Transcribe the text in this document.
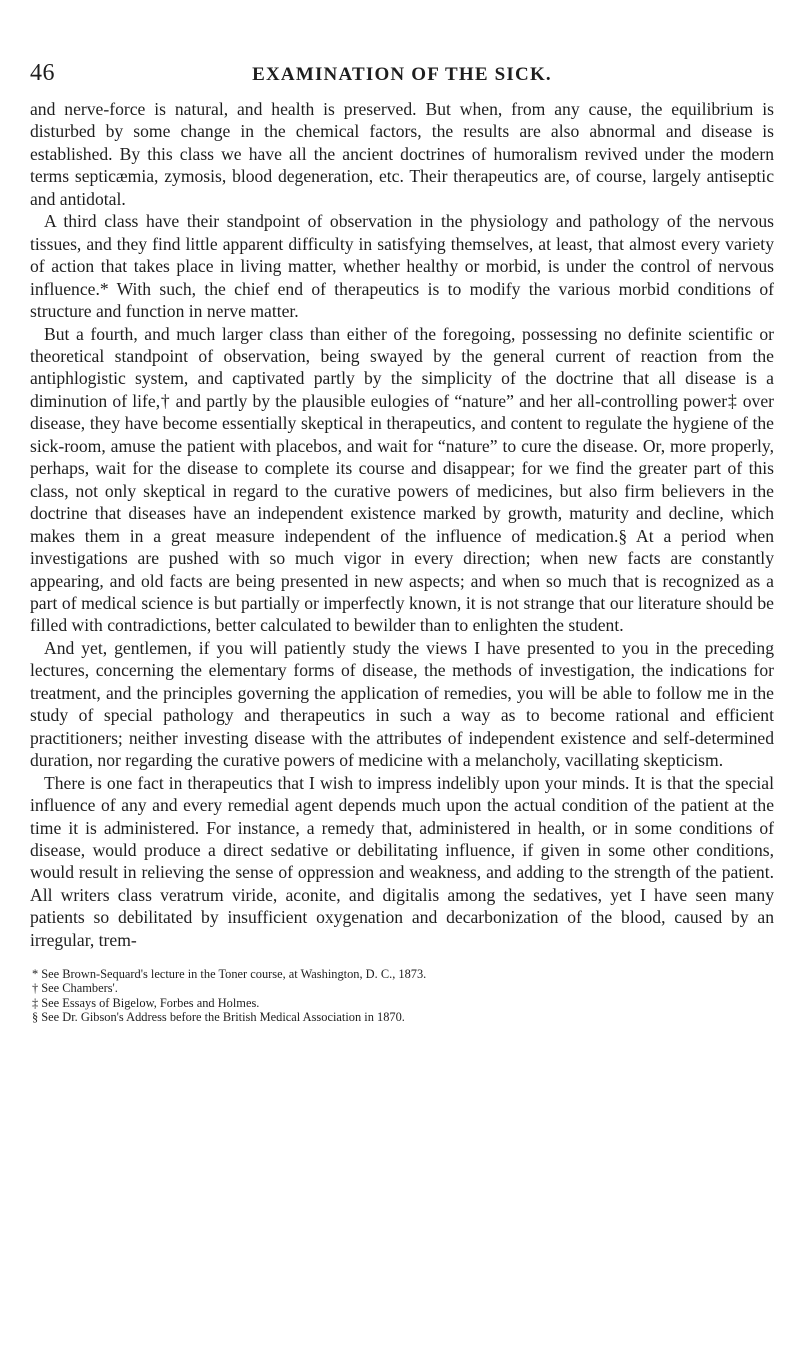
46	EXAMINATION OF THE SICK.

and nerve-force is natural, and health is preserved. But when, from any cause, the equilibrium is disturbed by some change in the chemical factors, the results are also abnormal and disease is established. By this class we have all the ancient doctrines of humoralism revived under the modern terms septicæmia, zymosis, blood degeneration, etc. Their therapeutics are, of course, largely antiseptic and antidotal.

A third class have their standpoint of observation in the physiology and pathology of the nervous tissues, and they find little apparent difficulty in satisfying themselves, at least, that almost every variety of action that takes place in living matter, whether healthy or morbid, is under the control of nervous influence.* With such, the chief end of therapeutics is to modify the various morbid conditions of structure and function in nerve matter.

But a fourth, and much larger class than either of the foregoing, possessing no definite scientific or theoretical standpoint of observation, being swayed by the general current of reaction from the antiphlogistic system, and captivated partly by the simplicity of the doctrine that all disease is a diminution of life,† and partly by the plausible eulogies of “nature” and her all-controlling power‡ over disease, they have become essentially skeptical in therapeutics, and content to regulate the hygiene of the sick-room, amuse the patient with placebos, and wait for “nature” to cure the disease. Or, more properly, perhaps, wait for the disease to complete its course and disappear; for we find the greater part of this class, not only skeptical in regard to the curative powers of medicines, but also firm believers in the doctrine that diseases have an independent existence marked by growth, maturity and decline, which makes them in a great measure independent of the influence of medication.§ At a period when investigations are pushed with so much vigor in every direction; when new facts are constantly appearing, and old facts are being presented in new aspects; and when so much that is recognized as a part of medical science is but partially or imperfectly known, it is not strange that our literature should be filled with contradictions, better calculated to bewilder than to enlighten the student.

And yet, gentlemen, if you will patiently study the views I have presented to you in the preceding lectures, concerning the elementary forms of disease, the methods of investigation, the indications for treatment, and the principles governing the application of remedies, you will be able to follow me in the study of special pathology and therapeutics in such a way as to become rational and efficient practitioners; neither investing disease with the attributes of independent existence and self-determined duration, nor regarding the curative powers of medicine with a melancholy, vacillating skepticism.

There is one fact in therapeutics that I wish to impress indelibly upon your minds. It is that the special influence of any and every remedial agent depends much upon the actual condition of the patient at the time it is administered. For instance, a remedy that, administered in health, or in some conditions of disease, would produce a direct sedative or debilitating influence, if given in some other conditions, would result in relieving the sense of oppression and weakness, and adding to the strength of the patient. All writers class veratrum viride, aconite, and digitalis among the sedatives, yet I have seen many patients so debilitated by insufficient oxygenation and decarbonization of the blood, caused by an irregular, trem-

* See Brown-Sequard's lecture in the Toner course, at Washington, D. C., 1873.
† See Chambers'.
‡ See Essays of Bigelow, Forbes and Holmes.
§ See Dr. Gibson's Address before the British Medical Association in 1870.
